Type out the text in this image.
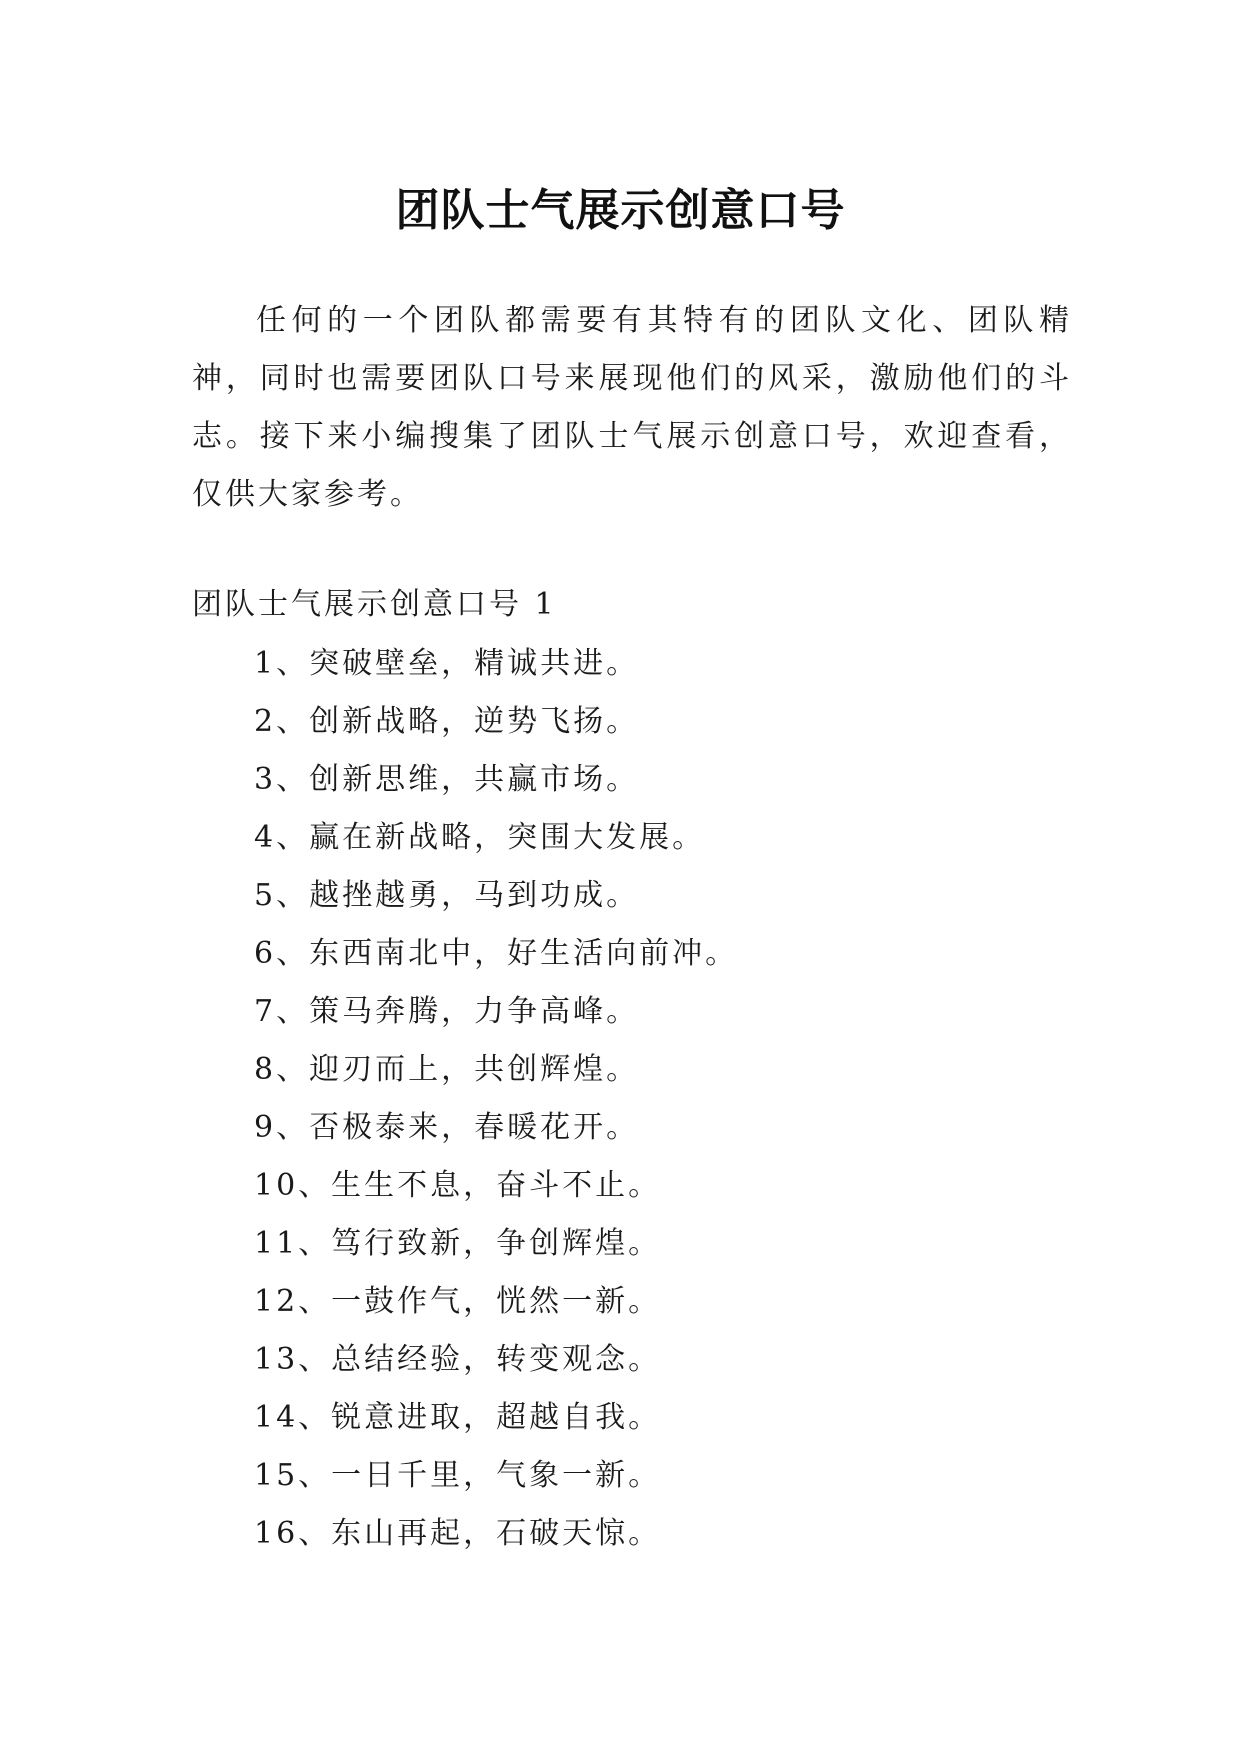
团队士气展示创意口号

任何的一个团队都需要有其特有的团队文化、团队精神，同时也需要团队口号来展现他们的风采，激励他们的斗志。接下来小编搜集了团队士气展示创意口号，欢迎查看，仅供大家参考。

团队士气展示创意口号 1
1、突破壁垒，精诚共进。
2、创新战略，逆势飞扬。
3、创新思维，共赢市场。
4、赢在新战略，突围大发展。
5、越挫越勇，马到功成。
6、东西南北中，好生活向前冲。
7、策马奔腾，力争高峰。
8、迎刃而上，共创辉煌。
9、否极泰来，春暖花开。
10、生生不息，奋斗不止。
11、笃行致新，争创辉煌。
12、一鼓作气，恍然一新。
13、总结经验，转变观念。
14、锐意进取，超越自我。
15、一日千里，气象一新。
16、东山再起，石破天惊。
